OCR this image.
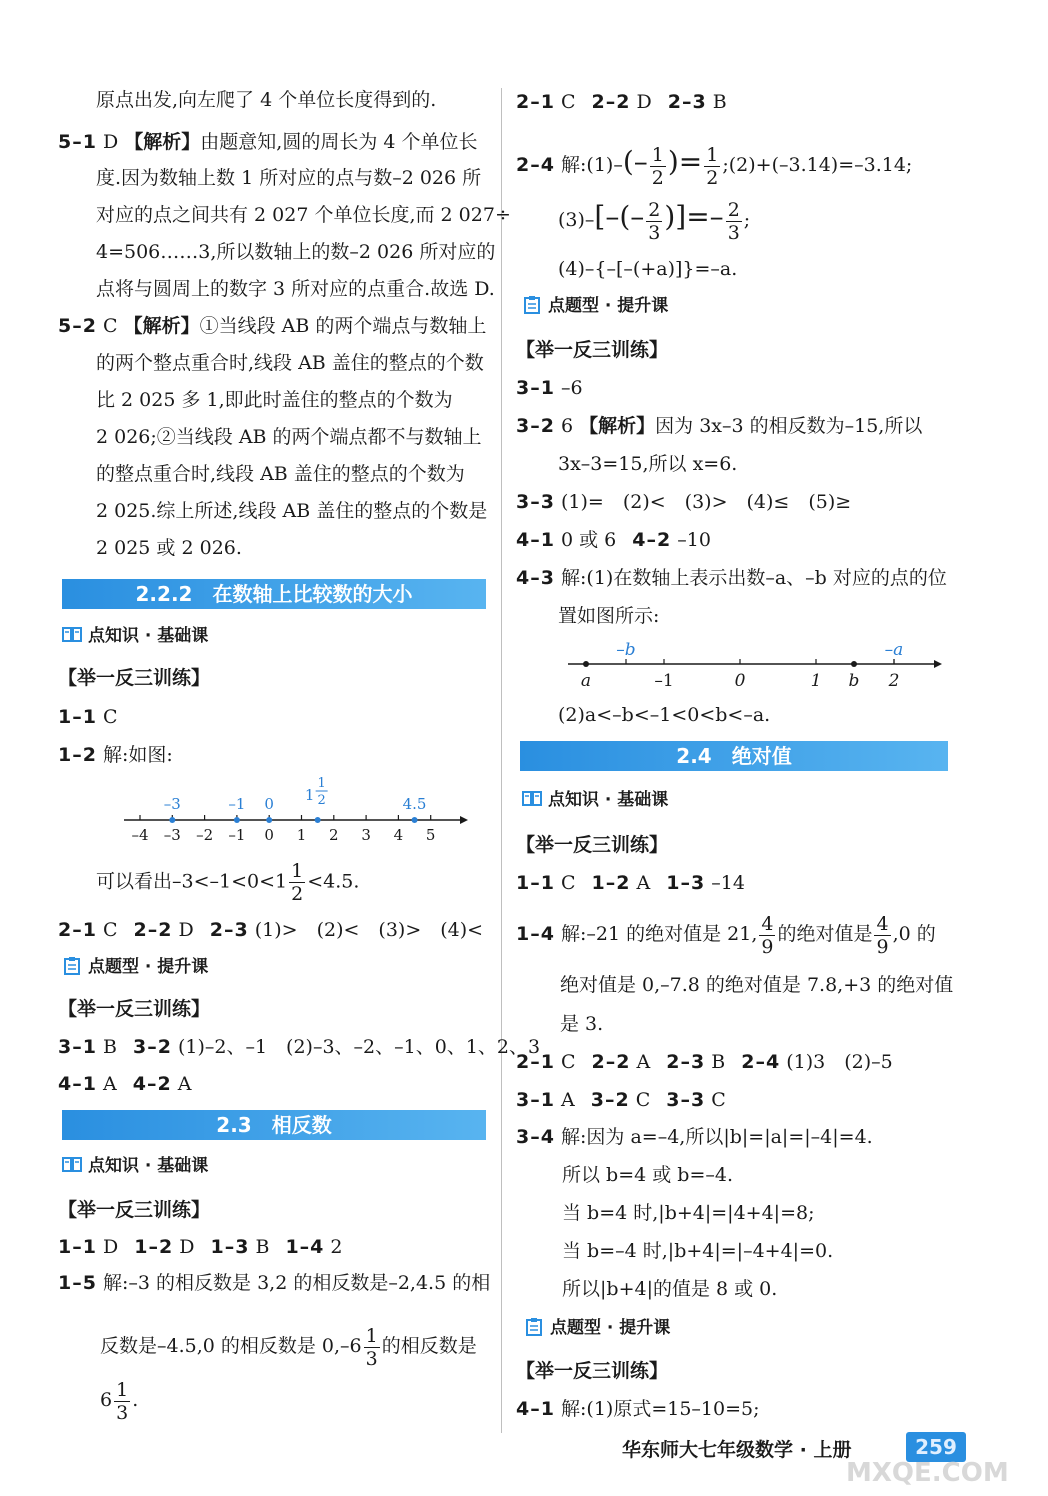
原点出发,向左爬了 4 个单位长度得到的.
5–1 D 【解析】由题意知,圆的周长为 4 个单位长
度.因为数轴上数 1 所对应的点与数–2 026 所
对应的点之间共有 2 027 个单位长度,而 2 027÷
4=506……3,所以数轴上的数–2 026 所对应的
点将与圆周上的数字 3 所对应的点重合.故选 D.
5–2 C 【解析】①当线段 AB 的两个端点与数轴上
的两个整点重合时,线段 AB 盖住的整点的个数
比 2 025 多 1,即此时盖住的整点的个数为
2 026;②当线段 AB 的两个端点都不与数轴上
的整点重合时,线段 AB 盖住的整点的个数为
2 025.综上所述,线段 AB 盖住的整点的个数是
2 025 或 2 026.
2.2.2　在数轴上比较数的大小
点知识 · 基础课
【举一反三训练】
1–1 C
1–2 解:如图:
–4 –3 –2 –1 0 1 2 3 4 5
–3	–1 0	4.5
1
1
2
可以看出$-3<-1<0<1 \frac{1}{2} <4.5$.
2–1 C 2–2 D 2–3 (1)>　(2)<　(3)>　(4)<
点题型 · 提升课
【举一反三训练】
3–1 B 3–2 (1)–2、–1　(2)–3、–2、–1、0、1、2、3
4–1 A 4–2 A
2.3　相反数
点知识 · 基础课
【举一反三训练】
1–1 D 1–2 D 1–3 B 1–4 2
1–5 解:–3 的相反数是 3,2 的相反数是–2,4.5 的相
反数是–4.5,0 的相反数是 $0,-6 \frac{1}{3}$ 的相反数是
$6 \frac{1}{3}$ .
2–1 C 2–2 D 2–3 B
2–4 解:(1)–(– $\frac{1}{2}$ )= $\frac{1}{2}$ ;(2)+(–3.14)=–3.14;
$(3)-[-(- \frac{2}{3}$ )]=– $\frac{2}{3}$ ;
(4)–{–[–(+a)]}=–a.
点题型 · 提升课
【举一反三训练】
3–1 –6
3–2 6 【解析】因为 3x–3 的相反数为–15,所以
3x–3=15,所以 x=6.
3–3 (1)=　(2)<　(3)>　(4)≤　(5)≥
4–1 0 或 6 4–2 –10
4–3 解:(1)在数轴上表示出数–a、–b 对应的点的位
置如图所示:
a	–1	0	1 b 2
–b	–a
(2)a<–b<–1<0<b<–a.
2.4　绝对值
点知识 · 基础课
【举一反三训练】
1–1 C 1–2 A 1–3 –14
1–4 解:–21 的绝对值是 21, $\frac{4}{9}$ 的绝对值是 $\frac{4}{9} ,0$ 的
绝对值是 0,–7.8 的绝对值是 7.8,+3 的绝对值
是 3.
2–1 C 2–2 A 2–3 B 2–4 (1)3　(2)–5
3–1 A 3–2 C 3–3 C
3–4 解:因为 a=–4,所以|b|=|a|=|–4|=4.
所以 b=4 或 b=–4.
当 b=4 时,|b+4|=|4+4|=8;
当 b=–4 时,|b+4|=|–4+4|=0.
所以|b+4|的值是 8 或 0.
点题型 · 提升课
【举一反三训练】
4–1 解:(1)原式=15–10=5;
华东师大七年级数学 · 上册	259
MXQE.COM
